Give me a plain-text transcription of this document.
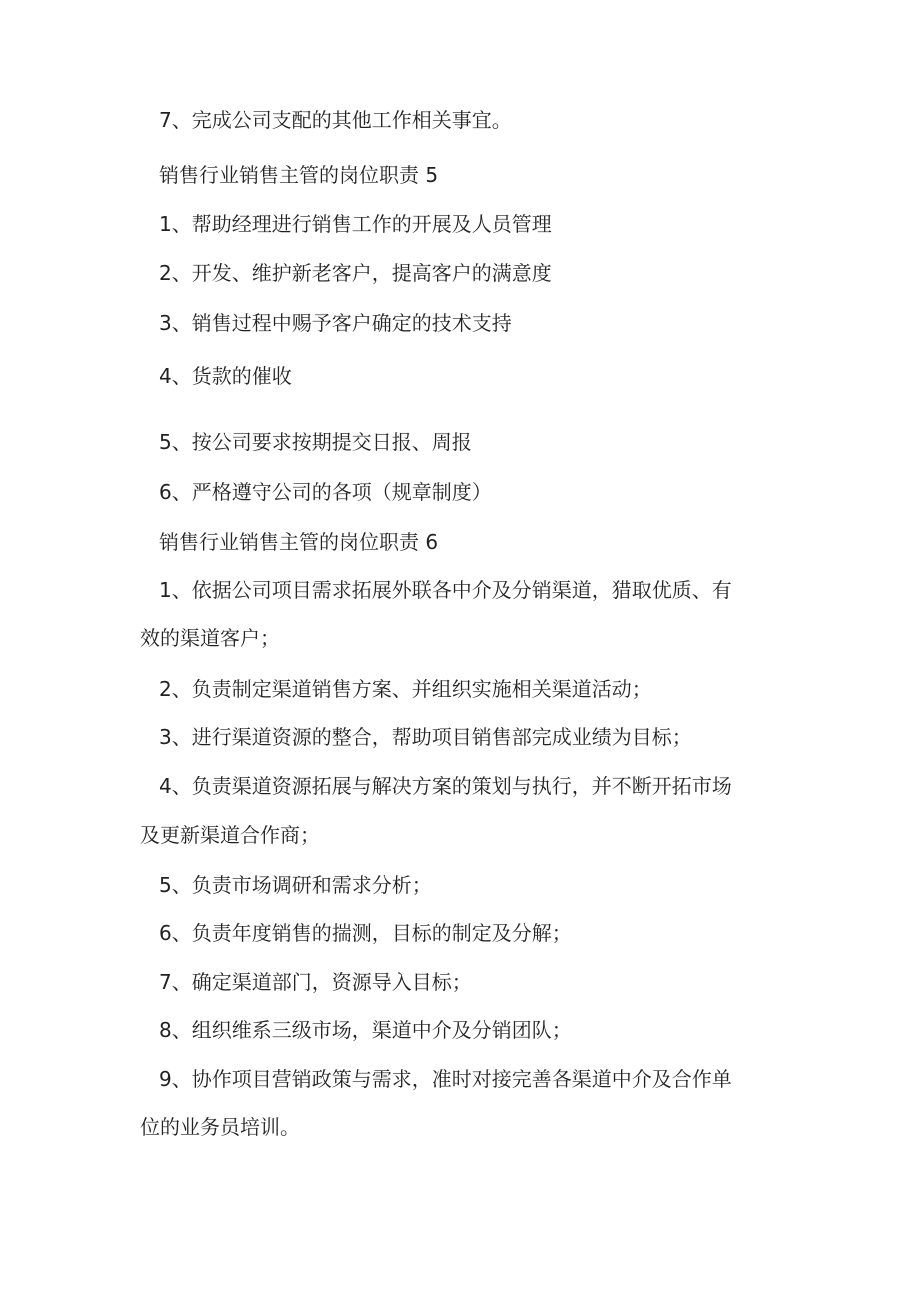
7、完成公司支配的其他工作相关事宜。
销售行业销售主管的岗位职责 5
1、帮助经理进行销售工作的开展及人员管理
2、开发、维护新老客户，提高客户的满意度
3、销售过程中赐予客户确定的技术支持
4、货款的催收
5、按公司要求按期提交日报、周报
6、严格遵守公司的各项（规章制度）
销售行业销售主管的岗位职责 6
1、依据公司项目需求拓展外联各中介及分销渠道，猎取优质、有
效的渠道客户；
2、负责制定渠道销售方案、并组织实施相关渠道活动；
3、进行渠道资源的整合，帮助项目销售部完成业绩为目标；
4、负责渠道资源拓展与解决方案的策划与执行，并不断开拓市场
及更新渠道合作商；
5、负责市场调研和需求分析；
6、负责年度销售的揣测，目标的制定及分解；
7、确定渠道部门，资源导入目标；
8、组织维系三级市场，渠道中介及分销团队；
9、协作项目营销政策与需求，准时对接完善各渠道中介及合作单
位的业务员培训。
